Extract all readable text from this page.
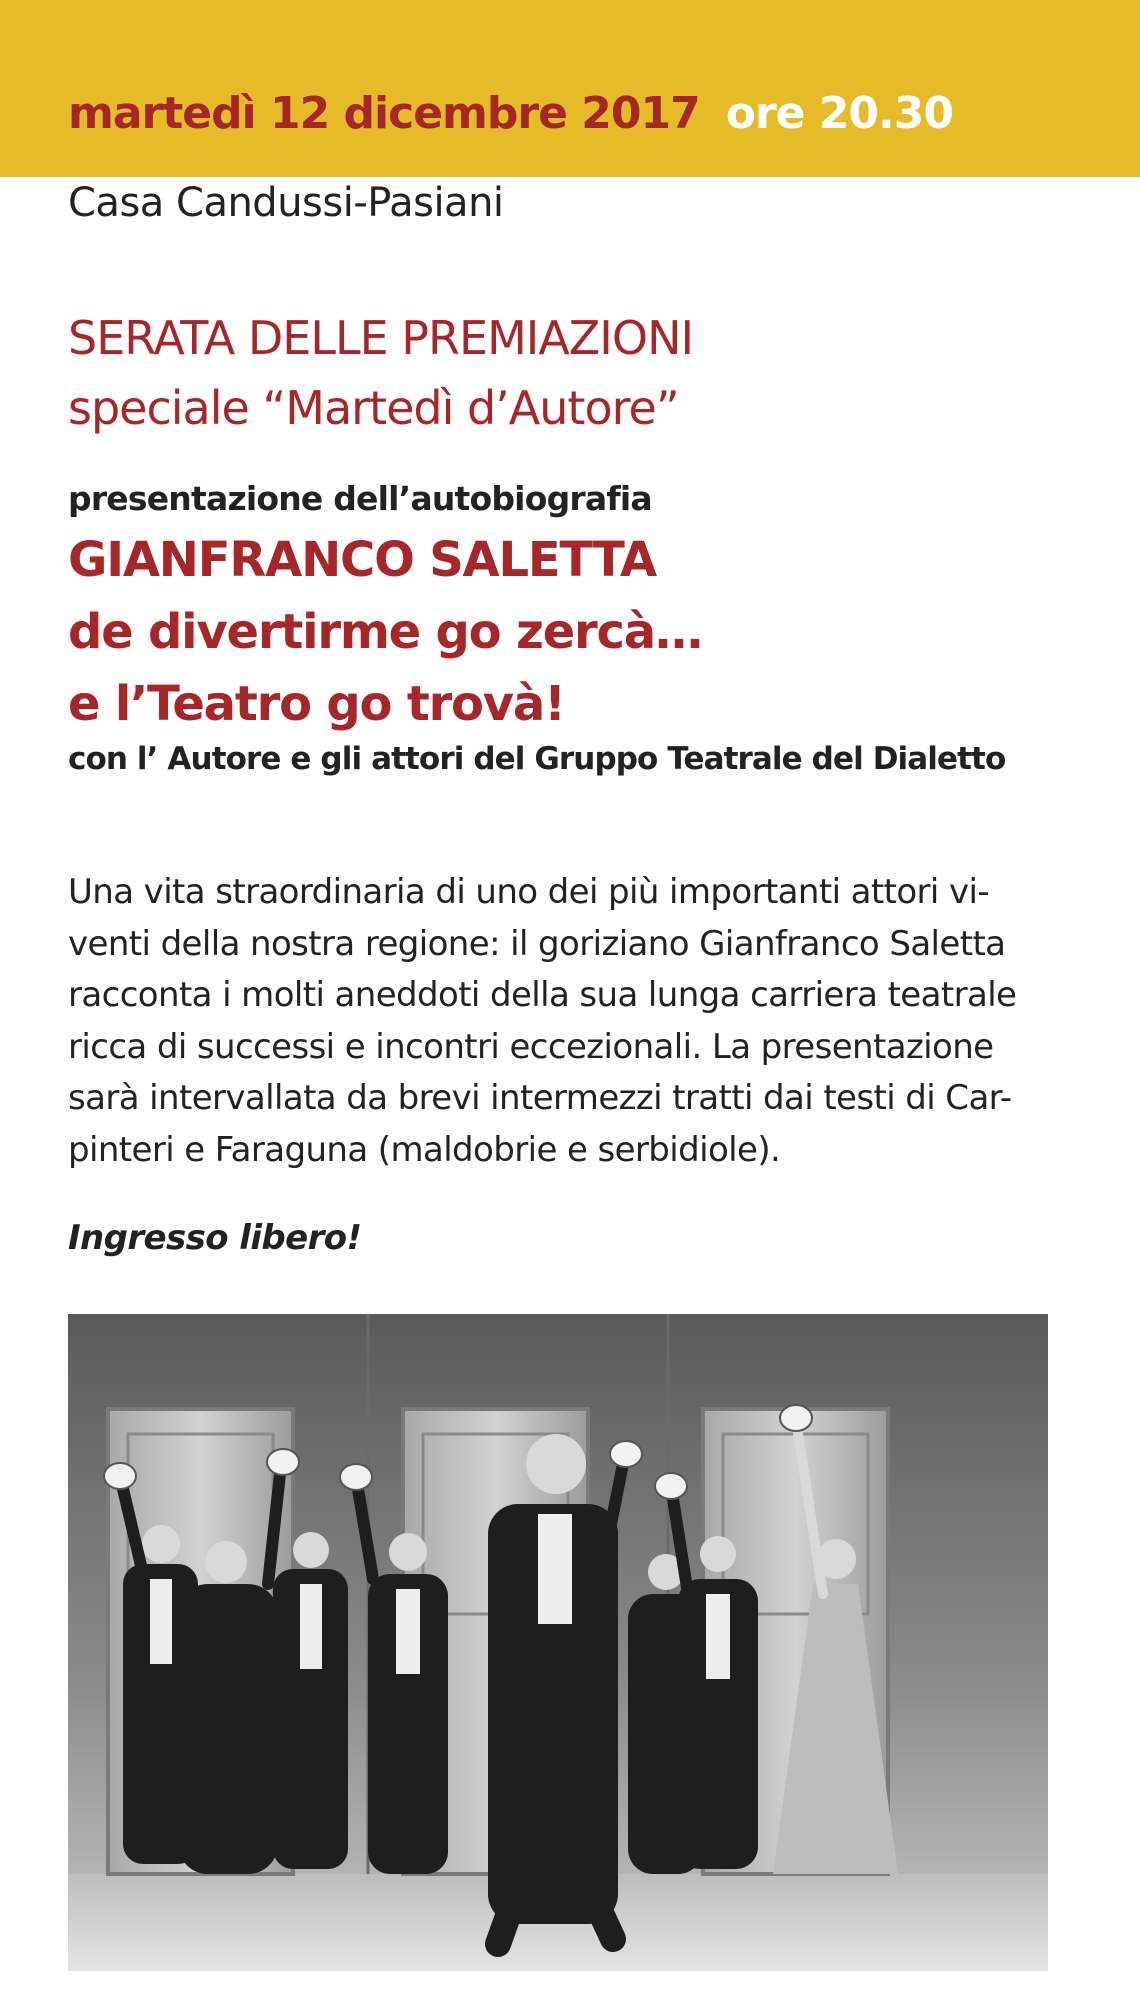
martedì 12 dicembre 2017 ore 20.30
Casa Candussi-Pasiani
SERATA DELLE PREMIAZIONI
speciale “Martedì d’Autore”
presentazione dell’autobiografia
GIANFRANCO SALETTA
de divertirme go zercà…
e l’Teatro go trovà!
con l’ Autore e gli attori del Gruppo Teatrale del Dialetto
Una vita straordinaria di uno dei più importanti attori vi-
venti della nostra regione: il goriziano Gianfranco Saletta
racconta i molti aneddoti della sua lunga carriera teatrale
ricca di successi e incontri eccezionali. La presentazione
sarà intervallata da brevi intermezzi tratti dai testi di Car-
pinteri e Faraguna (maldobrie e serbidiole).
Ingresso libero!
